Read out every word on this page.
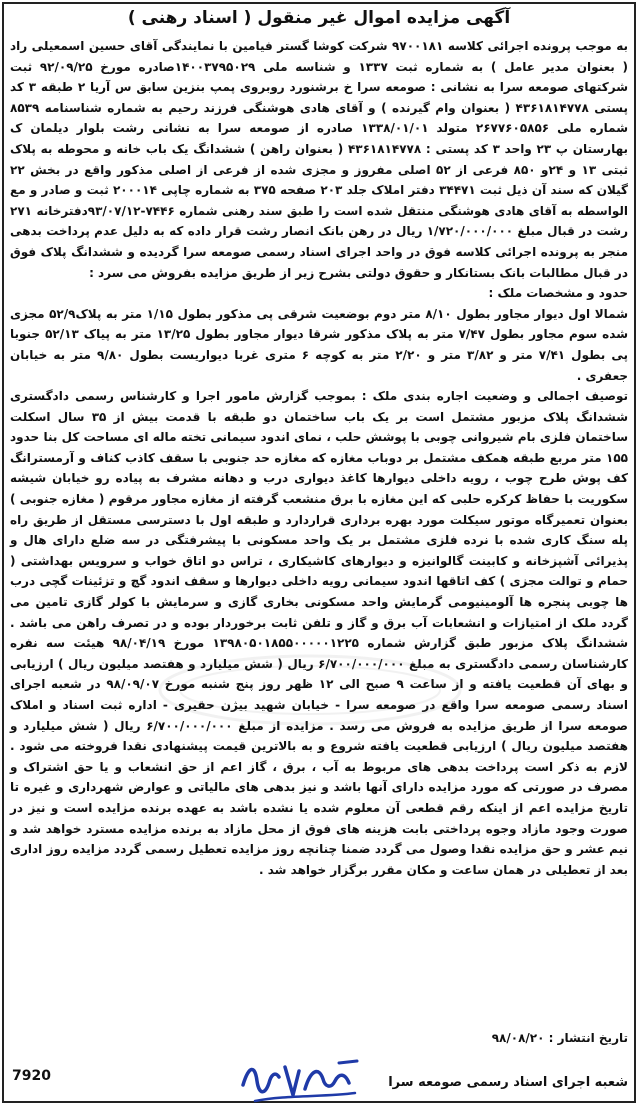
آگهی مزایده اموال غیر منقول ( اسناد رهنی )

به موجب پرونده اجرائی کلاسه ۹۷۰۰۱۸۱ شرکت کوشا گستر فیامین با نمایندگی آقای حسین اسمعیلی راد ( بعنوان مدیر عامل ) به شماره ثبت ۱۳۳۷ و شناسه ملی ۱۴۰۰۳۷۹۵۰۲۹صادره مورخ ۹۲/۰۹/۲۵ ثبت شرکتهای صومعه سرا به نشانی : صومعه سرا خ برشنورد روبروی پمپ بنزین سابق س آریا ۲ طبقه ۳ کد پستی ۴۳۶۱۸۱۴۷۷۸ ( بعنوان وام گیرنده ) و آقای هادی هوشنگی فرزند رحیم به شماره شناسنامه ۸۵۳۹ شماره ملی ۲۶۷۷۶۰۵۸۵۶ متولد ۱۳۳۸/۰۱/۰۱ صادره از صومعه سرا به نشانی رشت بلوار دیلمان ک بهارستان پ ۲۳ واحد ۳ کد پستی : ۴۳۶۱۸۱۴۷۷۸ ( بعنوان راهن ) ششدانگ یک باب خانه و محوطه به پلاک ثبتی ۱۳ و ۲۴و ۸۵۰ فرعی از ۵۲ اصلی مفروز و مجزی شده از فرعی از اصلی مذکور واقع در بخش ۲۲ گیلان که سند آن ذیل ثبت ۳۴۴۷۱ دفتر املاک جلد ۲۰۳ صفحه ۳۷۵ به شماره چاپی ۲۰۰۰۱۴ ثبت و صادر و مع الواسطه به آقای هادی هوشنگی منتقل شده است را طبق سند رهنی شماره ۷۴۴۶-۹۳/۰۷/۱۲دفترخانه ۲۷۱ رشت در قبال مبلغ ۱/۷۲۰/۰۰۰/۰۰۰ ریال در رهن بانک انصار رشت قرار داده که به دلیل عدم پرداخت بدهی منجر به پرونده اجرائی کلاسه فوق در واحد اجرای اسناد رسمی صومعه سرا گردیده و ششدانگ پلاک فوق در قبال مطالبات بانک بستانکار و حقوق دولتی بشرح زیر از طریق مزایده بفروش می سرد :

حدود و مشخصات ملک :

شمالا اول دیوار مجاور بطول ۸/۱۰ متر دوم بوضعیت شرقی پی مذکور بطول ۱/۱۵ متر به پلاک۵۲/۹ مجزی شده سوم مجاور بطول ۷/۴۷ متر به پلاک مذکور شرقا دیوار مجاور بطول ۱۳/۲۵ متر به پیاک ۵۲/۱۳ جنوبا پی بطول ۷/۴۱ متر و ۳/۸۲ متر و ۲/۲۰ متر به کوچه ۶ متری غربا دیواریست بطول ۹/۸۰ متر به خیابان جعفری .

توصیف اجمالی و وضعیت اجاره بندی ملک : بموجب گزارش مامور اجرا و کارشناس رسمی دادگستری ششدانگ پلاک مزبور مشتمل است بر یک باب ساختمان دو طبقه با قدمت بیش از ۳۵ سال اسکلت ساختمان فلزی بام شیروانی چوبی با پوشش حلب ، نمای اندود سیمانی تخته ماله ای مساحت کل بنا حدود ۱۵۵ متر مربع طبقه همکف مشتمل بر دوباب مغازه که مغازه حد جنوبی با سقف کاذب کناف و آرمسترانگ کف پوش طرح چوب ، رویه داخلی دیوارها کاغذ دیواری درب و دهانه مشرف به پیاده رو خیابان شیشه سکوریت با حفاظ کرکره حلبی که این مغازه با برق منشعب گرفته از مغازه مجاور مرقوم ( مغازه جنوبی ) بعنوان تعمیرگاه موتور سیکلت مورد بهره برداری قراردارد و طبقه اول با دسترسی مستقل از طریق راه پله سنگ کاری شده با نرده فلزی مشتمل بر یک واحد مسکونی با پیشرفتگی در سه ضلع دارای هال و پذیرائی آشپزخانه و کابینت گالوانیزه و دیوارهای کاشیکاری ، تراس دو اتاق خواب و سرویس بهداشتی ( حمام و توالت مجزی ) کف اتاقها اندود سیمانی رویه داخلی دیوارها و سقف اندود گچ و تزئینات گچی درب ها چوبی پنجره ها آلومینیومی گرمایش واحد مسکونی بخاری گازی و سرمایش با کولر گازی تامین می گردد ملک از امتیازات و انشعابات آب برق و گاز و تلفن ثابت برخوردار بوده و در تصرف راهن می باشد . ششدانگ پلاک مزبور طبق گزارش شماره ۱۳۹۸۰۵۰۱۸۵۵۰۰۰۰۰۱۲۲۵ مورخ ۹۸/۰۴/۱۹ هیئت سه نفره کارشناسان رسمی دادگستری به مبلغ ۶/۷۰۰/۰۰۰/۰۰۰ ریال ( شش میلیارد و هفتصد میلیون ریال ) ارزیابی و بهای آن قطعیت یافته و از ساعت ۹ صبح الی ۱۲ ظهر روز پنج شنبه مورخ ۹۸/۰۹/۰۷ در شعبه اجرای اسناد رسمی صومعه سرا واقع در صومعه سرا - خیابان شهید بیژن حقیری - اداره ثبت اسناد و املاک صومعه سرا از طریق مزایده به فروش می رسد . مزایده از مبلغ ۶/۷۰۰/۰۰۰/۰۰۰ ریال ( شش میلیارد و هفتصد میلیون ریال ) ارزیابی قطعیت یافته شروع و به بالاترین قیمت پیشنهادی نقدا فروخته می شود . لازم به ذکر است پرداخت بدهی های مربوط به آب ، برق ، گاز اعم از حق انشعاب و یا حق اشتراک و مصرف در صورتی که مورد مزایده دارای آنها باشد و نیز بدهی های مالیاتی و عوارض شهرداری و غیره تا تاریخ مزایده اعم از اینکه رقم قطعی آن معلوم شده یا نشده باشد به عهده برنده مزایده است و نیز در صورت وجود مازاد وجوه پرداختی بابت هزینه های فوق از محل مازاد به برنده مزایده مسترد خواهد شد و نیم عشر و حق مزایده نقدا وصول می گردد ضمنا چنانچه روز مزایده تعطیل رسمی گردد مزایده روز اداری بعد از تعطیلی در همان ساعت و مکان مقرر برگزار خواهد شد .

تاریخ انتشار : ۹۸/۰۸/۲۰
شعبه اجرای اسناد رسمی صومعه سرا
7920
